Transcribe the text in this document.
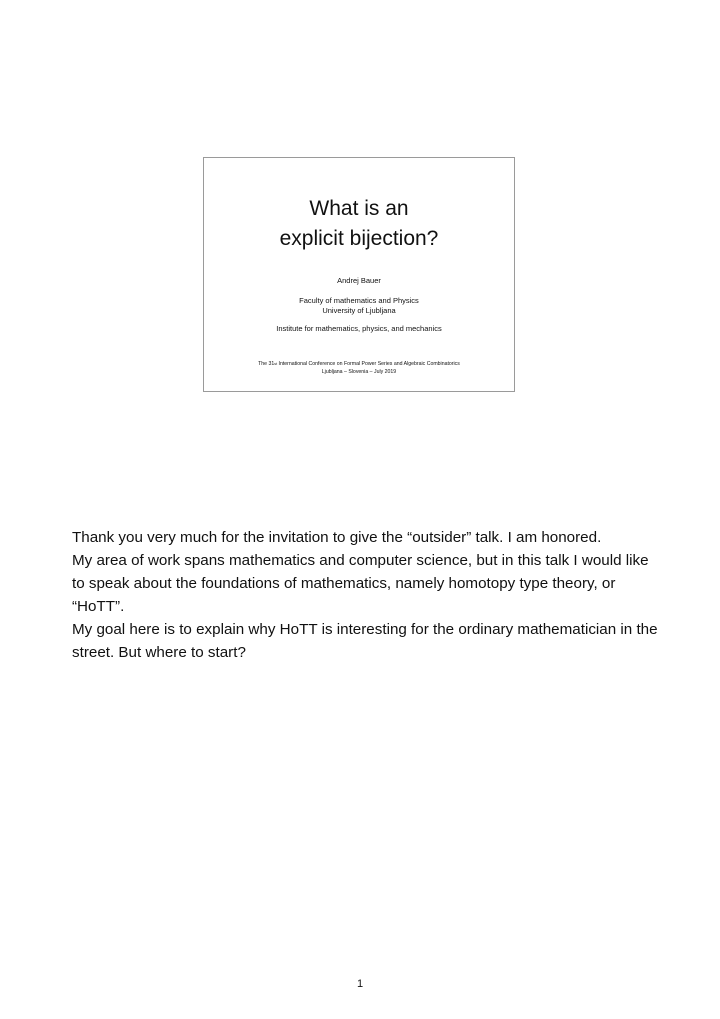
What is an
explicit bijection?
Andrej Bauer
Faculty of mathematics and Physics
University of Ljubljana
Institute for mathematics, physics, and mechanics
The 31st International Conference on Formal Power Series and Algebraic Combinatorics
Ljubljana – Slovenia – July 2019

Thank you very much for the invitation to give the “outsider” talk. I am honored.

My area of work spans mathematics and computer science, but in this talk I would like to speak about the foundations of mathematics, namely homotopy type theory, or “HoTT”.

My goal here is to explain why HoTT is interesting for the ordinary mathematician in the street. But where to start?

1
